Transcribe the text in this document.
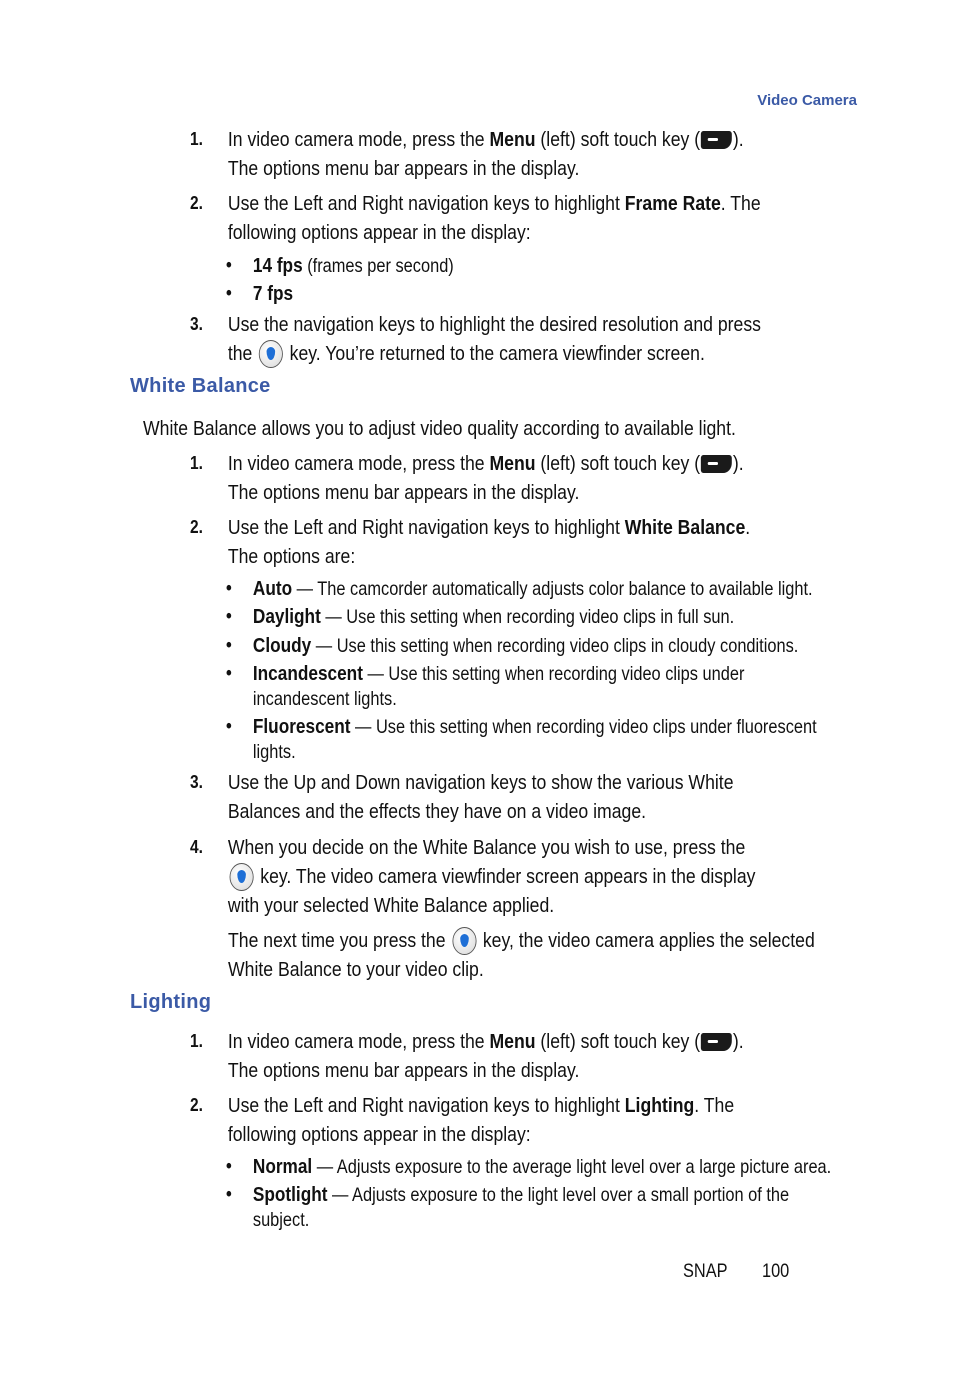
Video Camera
1. In video camera mode, press the Menu (left) soft touch key ( ). The options menu bar appears in the display.
2. Use the Left and Right navigation keys to highlight Frame Rate. The following options appear in the display:
• 14 fps (frames per second)
• 7 fps
3. Use the navigation keys to highlight the desired resolution and press the  key. You’re returned to the camera viewfinder screen.
White Balance
White Balance allows you to adjust video quality according to available light.
1. In video camera mode, press the Menu (left) soft touch key ( ). The options menu bar appears in the display.
2. Use the Left and Right navigation keys to highlight White Balance. The options are:
• Auto — The camcorder automatically adjusts color balance to available light.
• Daylight — Use this setting when recording video clips in full sun.
• Cloudy — Use this setting when recording video clips in cloudy conditions.
• Incandescent — Use this setting when recording video clips under incandescent lights.
• Fluorescent — Use this setting when recording video clips under fluorescent lights.
3. Use the Up and Down navigation keys to show the various White Balances and the effects they have on a video image.
4. When you decide on the White Balance you wish to use, press the  key. The video camera viewfinder screen appears in the display with your selected White Balance applied.
The next time you press the  key, the video camera applies the selected White Balance to your video clip.
Lighting
1. In video camera mode, press the Menu (left) soft touch key ( ). The options menu bar appears in the display.
2. Use the Left and Right navigation keys to highlight Lighting. The following options appear in the display:
• Normal — Adjusts exposure to the average light level over a large picture area.
• Spotlight — Adjusts exposure to the light level over a small portion of the subject.
SNAP 100
